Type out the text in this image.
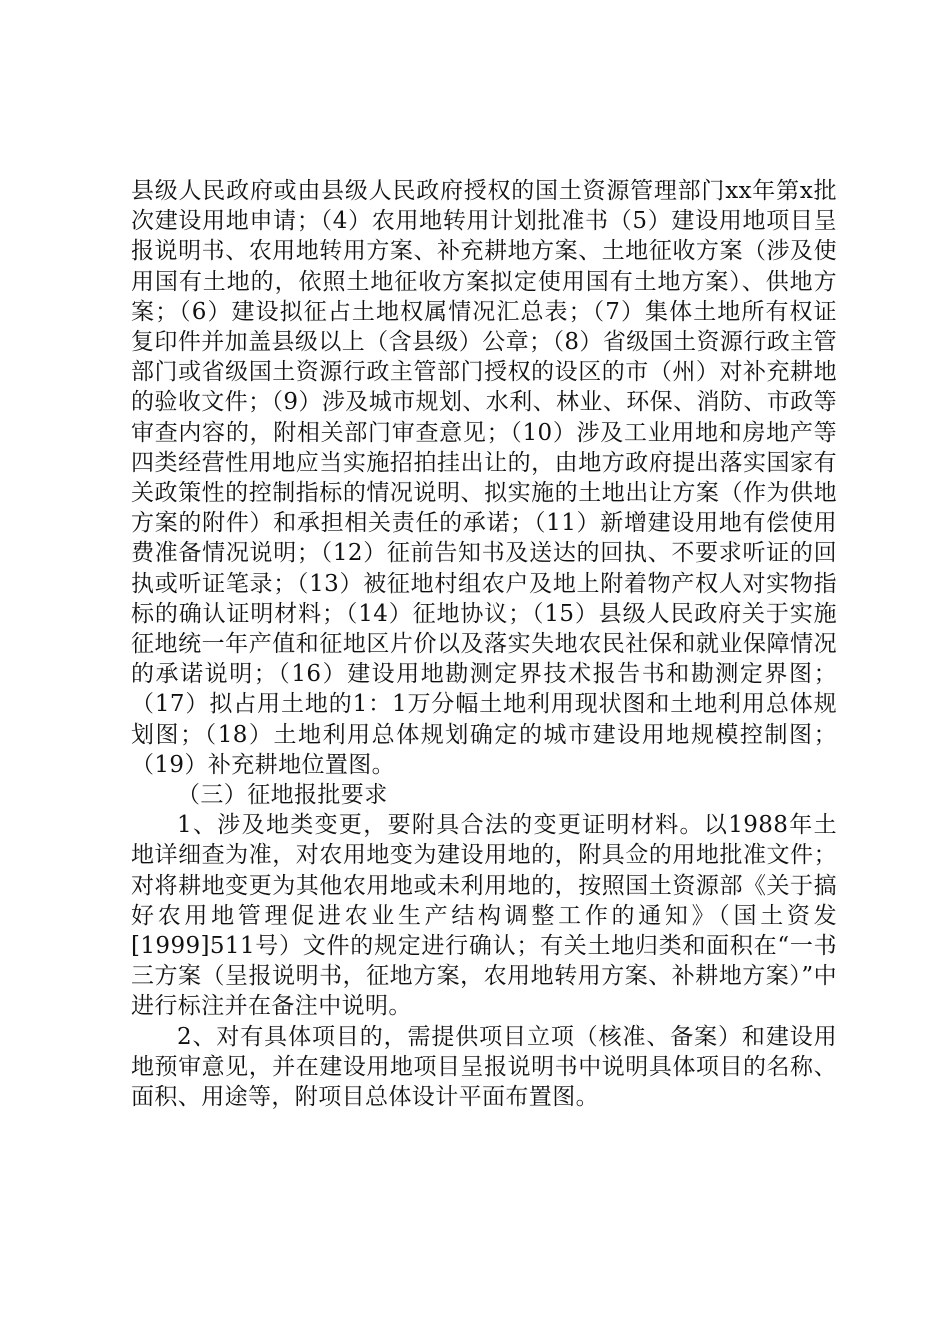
县级人民政府或由县级人民政府授权的国土资源管理部门xx年第x批次建设用地申请；（4）农用地转用计划批准书（5）建设用地项目呈报说明书、农用地转用方案、补充耕地方案、土地征收方案（涉及使用国有土地的，依照土地征收方案拟定使用国有土地方案）、供地方案；（6）建设拟征占土地权属情况汇总表；（7）集体土地所有权证复印件并加盖县级以上（含县级）公章；（8）省级国土资源行政主管部门或省级国土资源行政主管部门授权的设区的市（州）对补充耕地的验收文件；（9）涉及城市规划、水利、林业、环保、消防、市政等审查内容的，附相关部门审查意见；（10）涉及工业用地和房地产等四类经营性用地应当实施招拍挂出让的，由地方政府提出落实国家有关政策性的控制指标的情况说明、拟实施的土地出让方案（作为供地方案的附件）和承担相关责任的承诺；（11）新增建设用地有偿使用费准备情况说明；（12）征前告知书及送达的回执、不要求听证的回执或听证笔录；（13）被征地村组农户及地上附着物产权人对实物指标的确认证明材料；（14）征地协议；（15）县级人民政府关于实施征地统一年产值和征地区片价以及落实失地农民社保和就业保障情况的承诺说明；（16）建设用地勘测定界技术报告书和勘测定界图；（17）拟占用土地的1：1万分幅土地利用现状图和土地利用总体规划图；（18）土地利用总体规划确定的城市建设用地规模控制图；（19）补充耕地位置图。

（三）征地报批要求

1、涉及地类变更，要附具合法的变更证明材料。以1988年土地详细查为准，对农用地变为建设用地的，附具佥的用地批准文件；对将耕地变更为其他农用地或未利用地的，按照国土资源部《关于搞好农用地管理促进农业生产结构调整工作的通知》（国土资发[1999]511号）文件的规定进行确认；有关土地归类和面积在“一书三方案（呈报说明书，征地方案，农用地转用方案、补耕地方案）”中进行标注并在备注中说明。

2、对有具体项目的，需提供项目立项（核准、备案）和建设用地预审意见，并在建设用地项目呈报说明书中说明具体项目的名称、面积、用途等，附项目总体设计平面布置图。
